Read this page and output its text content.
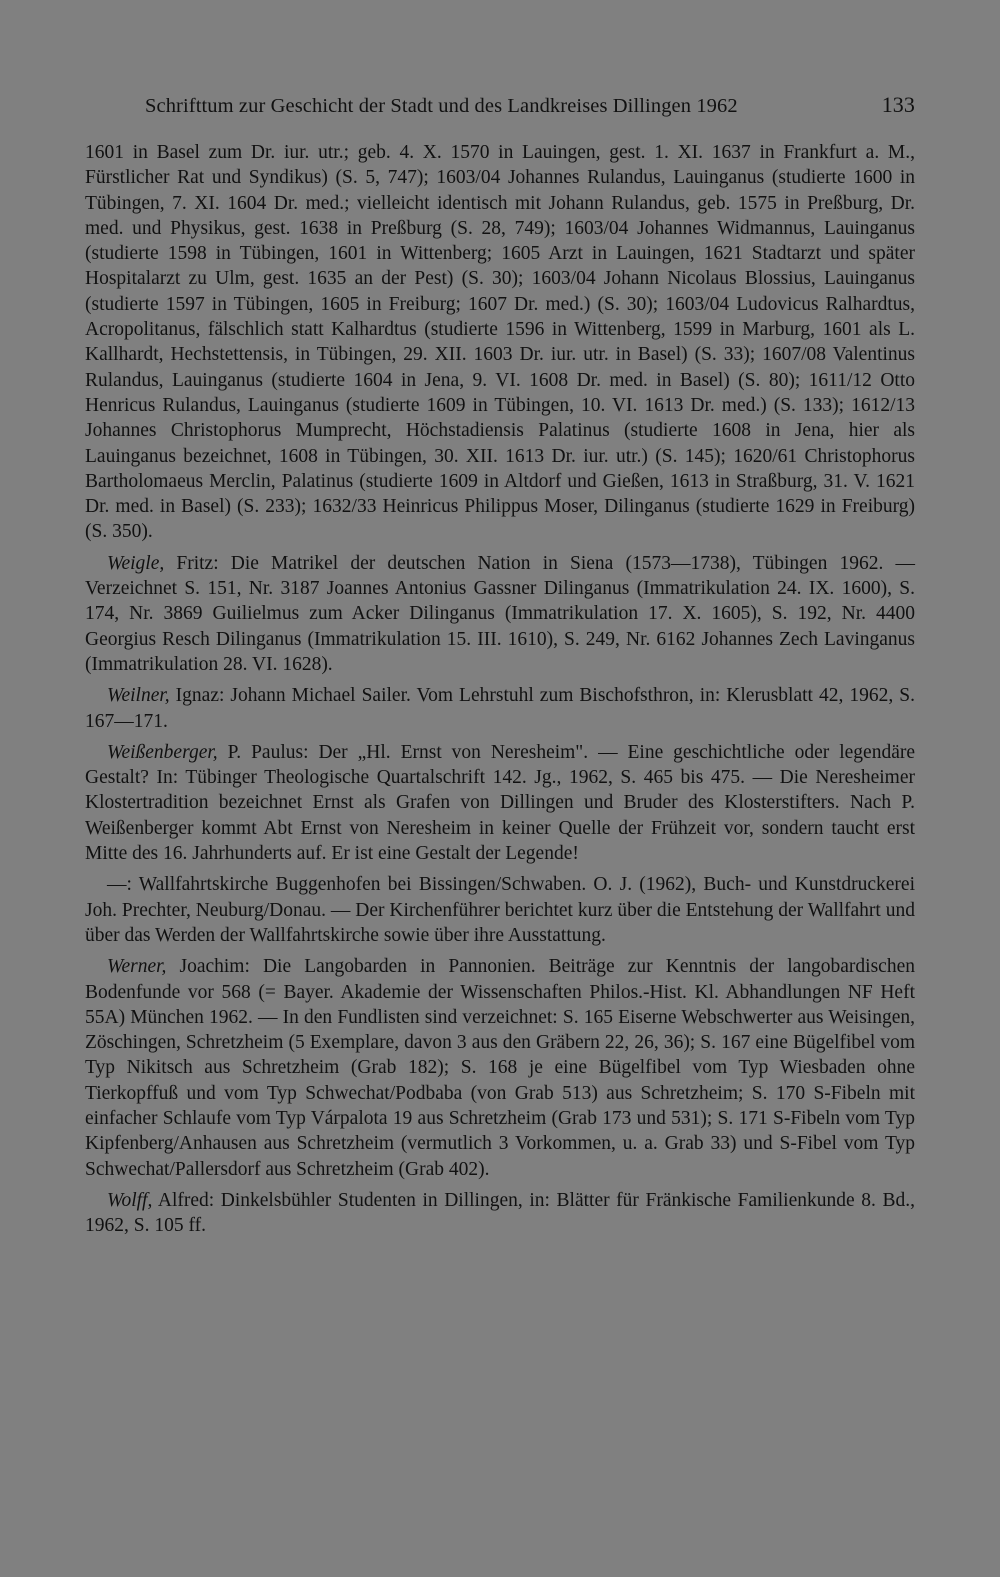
Schrifttum zur Geschicht der Stadt und des Landkreises Dillingen 1962	133

1601 in Basel zum Dr. iur. utr.; geb. 4. X. 1570 in Lauingen, gest. 1. XI. 1637 in Frankfurt a. M., Fürstlicher Rat und Syndikus) (S. 5, 747); 1603/04 Johannes Rulandus, Lauinganus (studierte 1600 in Tübingen, 7. XI. 1604 Dr. med.; vielleicht identisch mit Johann Rulandus, geb. 1575 in Preßburg, Dr. med. und Physikus, gest. 1638 in Preßburg (S. 28, 749); 1603/04 Johannes Widmannus, Lauinganus (studierte 1598 in Tübingen, 1601 in Wittenberg; 1605 Arzt in Lauingen, 1621 Stadtarzt und später Hospitalarzt zu Ulm, gest. 1635 an der Pest) (S. 30); 1603/04 Johann Nicolaus Blossius, Lauinganus (studierte 1597 in Tübingen, 1605 in Freiburg; 1607 Dr. med.) (S. 30); 1603/04 Ludovicus Ralhardtus, Acropolitanus, fälschlich statt Kalhardtus (studierte 1596 in Wittenberg, 1599 in Marburg, 1601 als L. Kallhardt, Hechstettensis, in Tübingen, 29. XII. 1603 Dr. iur. utr. in Basel) (S. 33); 1607/08 Valentinus Rulandus, Lauinganus (studierte 1604 in Jena, 9. VI. 1608 Dr. med. in Basel) (S. 80); 1611/12 Otto Henricus Rulandus, Lauinganus (studierte 1609 in Tübingen, 10. VI. 1613 Dr. med.) (S. 133); 1612/13 Johannes Christophorus Mumprecht, Höchstadiensis Palatinus (studierte 1608 in Jena, hier als Lauinganus bezeichnet, 1608 in Tübingen, 30. XII. 1613 Dr. iur. utr.) (S. 145); 1620/61 Christophorus Bartholomaeus Merclin, Palatinus (studierte 1609 in Altdorf und Gießen, 1613 in Straßburg, 31. V. 1621 Dr. med. in Basel) (S. 233); 1632/33 Heinricus Philippus Moser, Dilinganus (studierte 1629 in Freiburg) (S. 350).

Weigle, Fritz: Die Matrikel der deutschen Nation in Siena (1573—1738), Tübingen 1962. — Verzeichnet S. 151, Nr. 3187 Joannes Antonius Gassner Dilinganus (Immatrikulation 24. IX. 1600), S. 174, Nr. 3869 Guilielmus zum Acker Dilinganus (Immatrikulation 17. X. 1605), S. 192, Nr. 4400 Georgius Resch Dilinganus (Immatrikulation 15. III. 1610), S. 249, Nr. 6162 Johannes Zech Lavinganus (Immatrikulation 28. VI. 1628).

Weilner, Ignaz: Johann Michael Sailer. Vom Lehrstuhl zum Bischofsthron, in: Klerusblatt 42, 1962, S. 167—171.

Weißenberger, P. Paulus: Der „Hl. Ernst von Neresheim". — Eine geschichtliche oder legendäre Gestalt? In: Tübinger Theologische Quartalschrift 142. Jg., 1962, S. 465 bis 475. — Die Neresheimer Klostertradition bezeichnet Ernst als Grafen von Dillingen und Bruder des Klosterstifters. Nach P. Weißenberger kommt Abt Ernst von Neresheim in keiner Quelle der Frühzeit vor, sondern taucht erst Mitte des 16. Jahrhunderts auf. Er ist eine Gestalt der Legende!

—: Wallfahrtskirche Buggenhofen bei Bissingen/Schwaben. O. J. (1962), Buch- und Kunstdruckerei Joh. Prechter, Neuburg/Donau. — Der Kirchenführer berichtet kurz über die Entstehung der Wallfahrt und über das Werden der Wallfahrtskirche sowie über ihre Ausstattung.

Werner, Joachim: Die Langobarden in Pannonien. Beiträge zur Kenntnis der langobardischen Bodenfunde vor 568 (= Bayer. Akademie der Wissenschaften Philos.-Hist. Kl. Abhandlungen NF Heft 55A) München 1962. — In den Fundlisten sind verzeichnet: S. 165 Eiserne Webschwerter aus Weisingen, Zöschingen, Schretzheim (5 Exemplare, davon 3 aus den Gräbern 22, 26, 36); S. 167 eine Bügelfibel vom Typ Nikitsch aus Schretzheim (Grab 182); S. 168 je eine Bügelfibel vom Typ Wiesbaden ohne Tierkopffuß und vom Typ Schwechat/Podbaba (von Grab 513) aus Schretzheim; S. 170 S-Fibeln mit einfacher Schlaufe vom Typ Várpalota 19 aus Schretzheim (Grab 173 und 531); S. 171 S-Fibeln vom Typ Kipfenberg/Anhausen aus Schretzheim (vermutlich 3 Vorkommen, u. a. Grab 33) und S-Fibel vom Typ Schwechat/Pallersdorf aus Schretzheim (Grab 402).

Wolff, Alfred: Dinkelsbühler Studenten in Dillingen, in: Blätter für Fränkische Familienkunde 8. Bd., 1962, S. 105 ff.
